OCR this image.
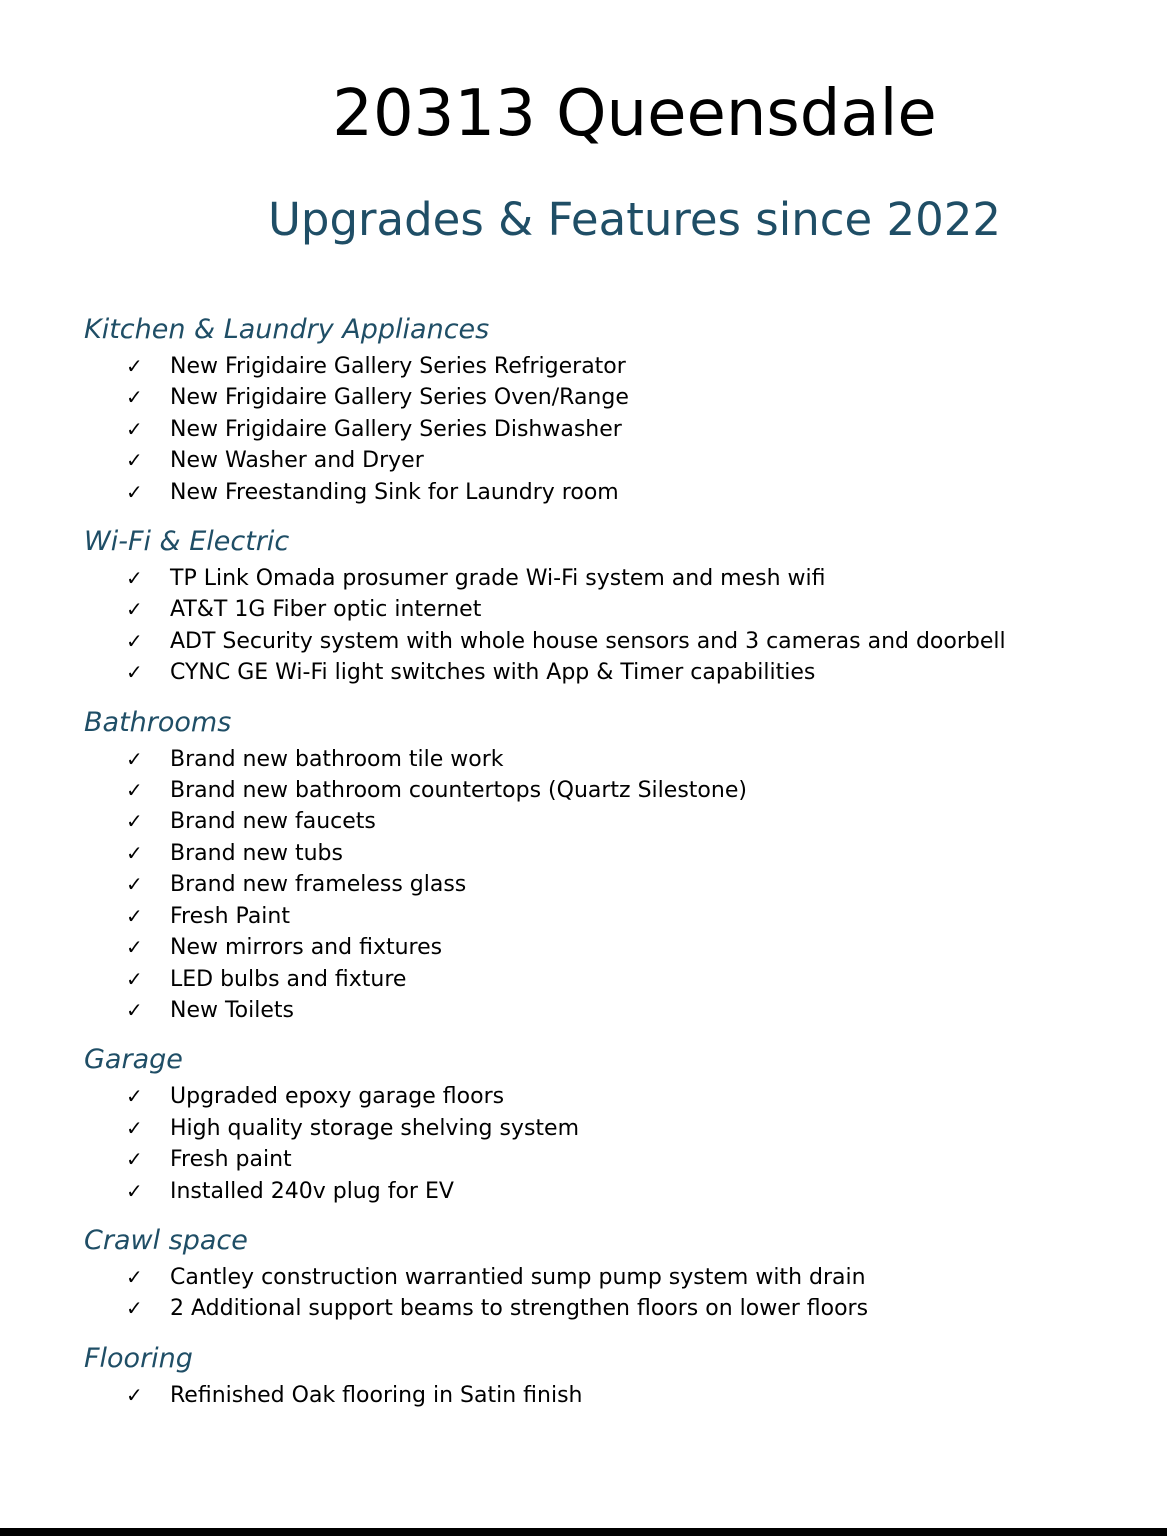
20313 Queensdale
Upgrades & Features since 2022
Kitchen & Laundry Appliances
✓ New Frigidaire Gallery Series Refrigerator
✓ New Frigidaire Gallery Series Oven/Range
✓ New Frigidaire Gallery Series Dishwasher
✓ New Washer and Dryer
✓ New Freestanding Sink for Laundry room
Wi-Fi & Electric
✓ TP Link Omada prosumer grade Wi-Fi system and mesh wifi
✓ AT&T 1G Fiber optic internet
✓ ADT Security system with whole house sensors and 3 cameras and doorbell
✓ CYNC GE Wi-Fi light switches with App & Timer capabilities
Bathrooms
✓ Brand new bathroom tile work
✓ Brand new bathroom countertops (Quartz Silestone)
✓ Brand new faucets
✓ Brand new tubs
✓ Brand new frameless glass
✓ Fresh Paint
✓ New mirrors and fixtures
✓ LED bulbs and fixture
✓ New Toilets
Garage
✓ Upgraded epoxy garage floors
✓ High quality storage shelving system
✓ Fresh paint
✓ Installed 240v plug for EV
Crawl space
✓ Cantley construction warrantied sump pump system with drain
✓ 2 Additional support beams to strengthen floors on lower floors
Flooring
✓ Refinished Oak flooring in Satin finish
